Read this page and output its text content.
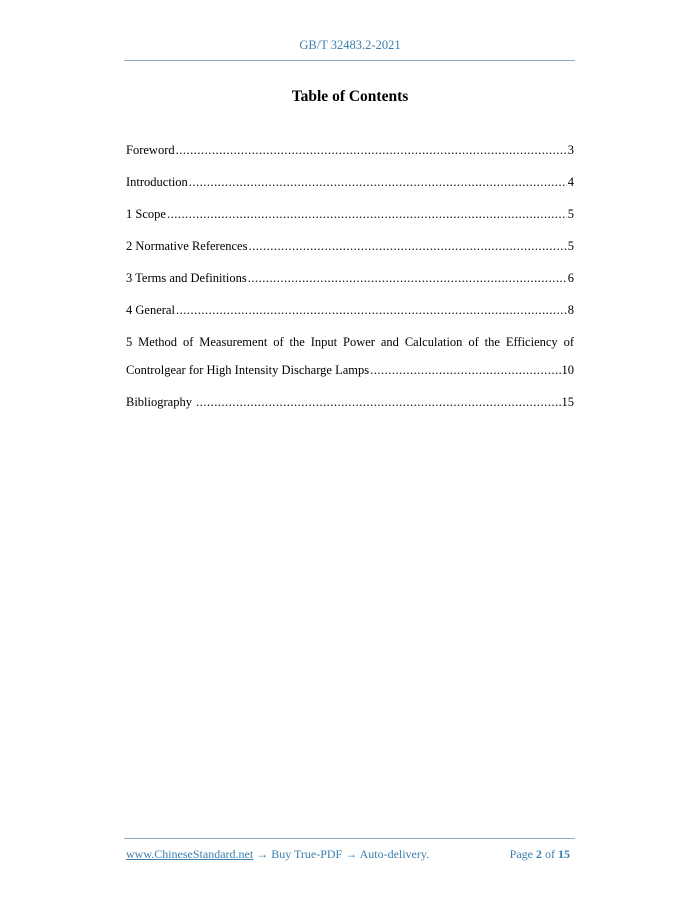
GB/T 32483.2-2021
Table of Contents
Foreword .....	3
Introduction .....	4
1 Scope .....	5
2 Normative References .....	5
3 Terms and Definitions .....	6
4 General .....	8
5 Method of Measurement of the Input Power and Calculation of the Efficiency of
Controlgear for High Intensity Discharge Lamps .....	10
Bibliography .....	15
www.ChineseStandard.net → Buy True-PDF → Auto-delivery.	Page 2 of 15
